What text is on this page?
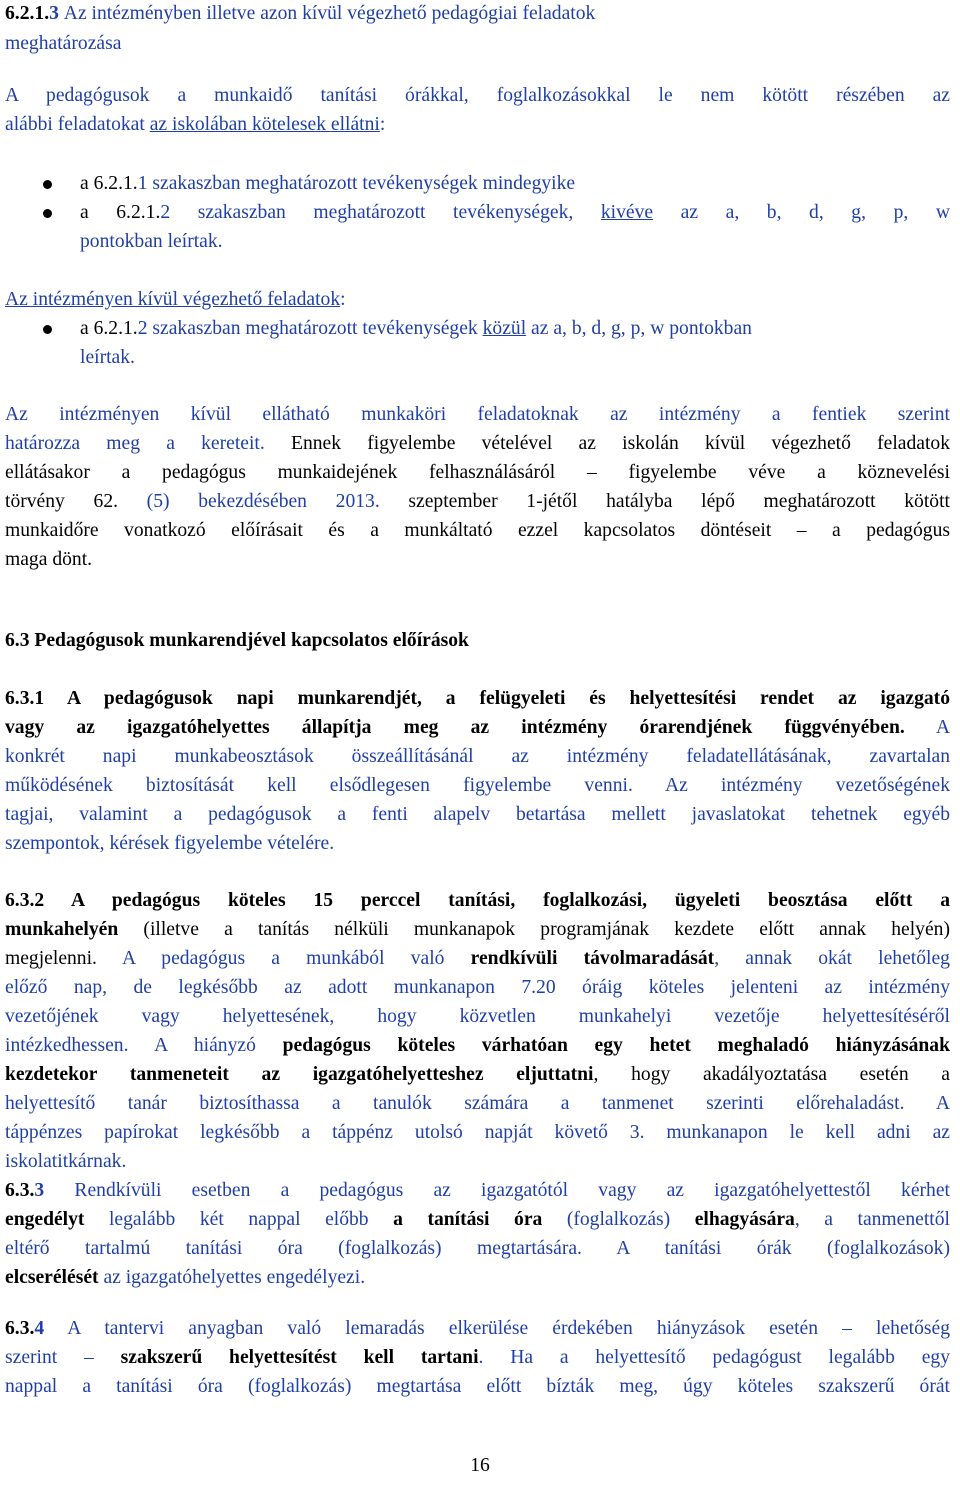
6.2.1.3 Az intézményben illetve azon kívül végezhető pedagógiai feladatok
meghatározása
A pedagógusok a munkaidő tanítási órákkal, foglalkozásokkal le nem kötött részében az
alábbi feladatokat az iskolában kötelesek ellátni:
a 6.2.1.1 szakaszban meghatározott tevékenységek mindegyike
a 6.2.1.2 szakaszban meghatározott tevékenységek, kivéve az a, b, d, g, p, w
pontokban leírtak.
Az intézményen kívül végezhető feladatok:
a 6.2.1.2 szakaszban meghatározott tevékenységek közül az a, b, d, g, p, w pontokban
leírtak.
Az intézményen kívül ellátható munkaköri feladatoknak az intézmény a fentiek szerint
határozza meg a kereteit. Ennek figyelembe vételével az iskolán kívül végezhető feladatok
ellátásakor a pedagógus munkaidejének felhasználásáról – figyelembe véve a köznevelési
törvény 62. (5) bekezdésében 2013. szeptember 1-jétől hatályba lépő meghatározott kötött
munkaidőre vonatkozó előírásait és a munkáltató ezzel kapcsolatos döntéseit – a pedagógus
maga dönt.
6.3 Pedagógusok munkarendjével kapcsolatos előírások
6.3.1 A pedagógusok napi munkarendjét, a felügyeleti és helyettesítési rendet az igazgató
vagy az igazgatóhelyettes állapítja meg az intézmény órarendjének függvényében. A
konkrét napi munkabeosztások összeállításánál az intézmény feladatellátásának, zavartalan
működésének biztosítását kell elsődlegesen figyelembe venni. Az intézmény vezetőségének
tagjai, valamint a pedagógusok a fenti alapelv betartása mellett javaslatokat tehetnek egyéb
szempontok, kérések figyelembe vételére.
6.3.2 A pedagógus köteles 15 perccel tanítási, foglalkozási, ügyeleti beosztása előtt a
munkahelyén (illetve a tanítás nélküli munkanapok programjának kezdete előtt annak helyén)
megjelenni. A pedagógus a munkából való rendkívüli távolmaradását, annak okát lehetőleg
előző nap, de legkésőbb az adott munkanapon 7.20 óráig köteles jelenteni az intézmény
vezetőjének vagy helyettesének, hogy közvetlen munkahelyi vezetője helyettesítéséről
intézkedhessen. A hiányzó pedagógus köteles várhatóan egy hetet meghaladó hiányzásának
kezdetekor tanmeneteit az igazgatóhelyetteshez eljuttatni, hogy akadályoztatása esetén a
helyettesítő tanár biztosíthassa a tanulók számára a tanmenet szerinti előrehaladást. A
táppénzes papírokat legkésőbb a táppénz utolsó napját követő 3. munkanapon le kell adni az
iskolatitkárnak.
6.3.3 Rendkívüli esetben a pedagógus az igazgatótól vagy az igazgatóhelyettestől kérhet
engedélyt legalább két nappal előbb a tanítási óra (foglalkozás) elhagyására, a tanmenettől
eltérő tartalmú tanítási óra (foglalkozás) megtartására. A tanítási órák (foglalkozások)
elcserélését az igazgatóhelyettes engedélyezi.
6.3.4 A tantervi anyagban való lemaradás elkerülése érdekében hiányzások esetén – lehetőség
szerint – szakszerű helyettesítést kell tartani. Ha a helyettesítő pedagógust legalább egy
nappal a tanítási óra (foglalkozás) megtartása előtt bízták meg, úgy köteles szakszerű órát
16
